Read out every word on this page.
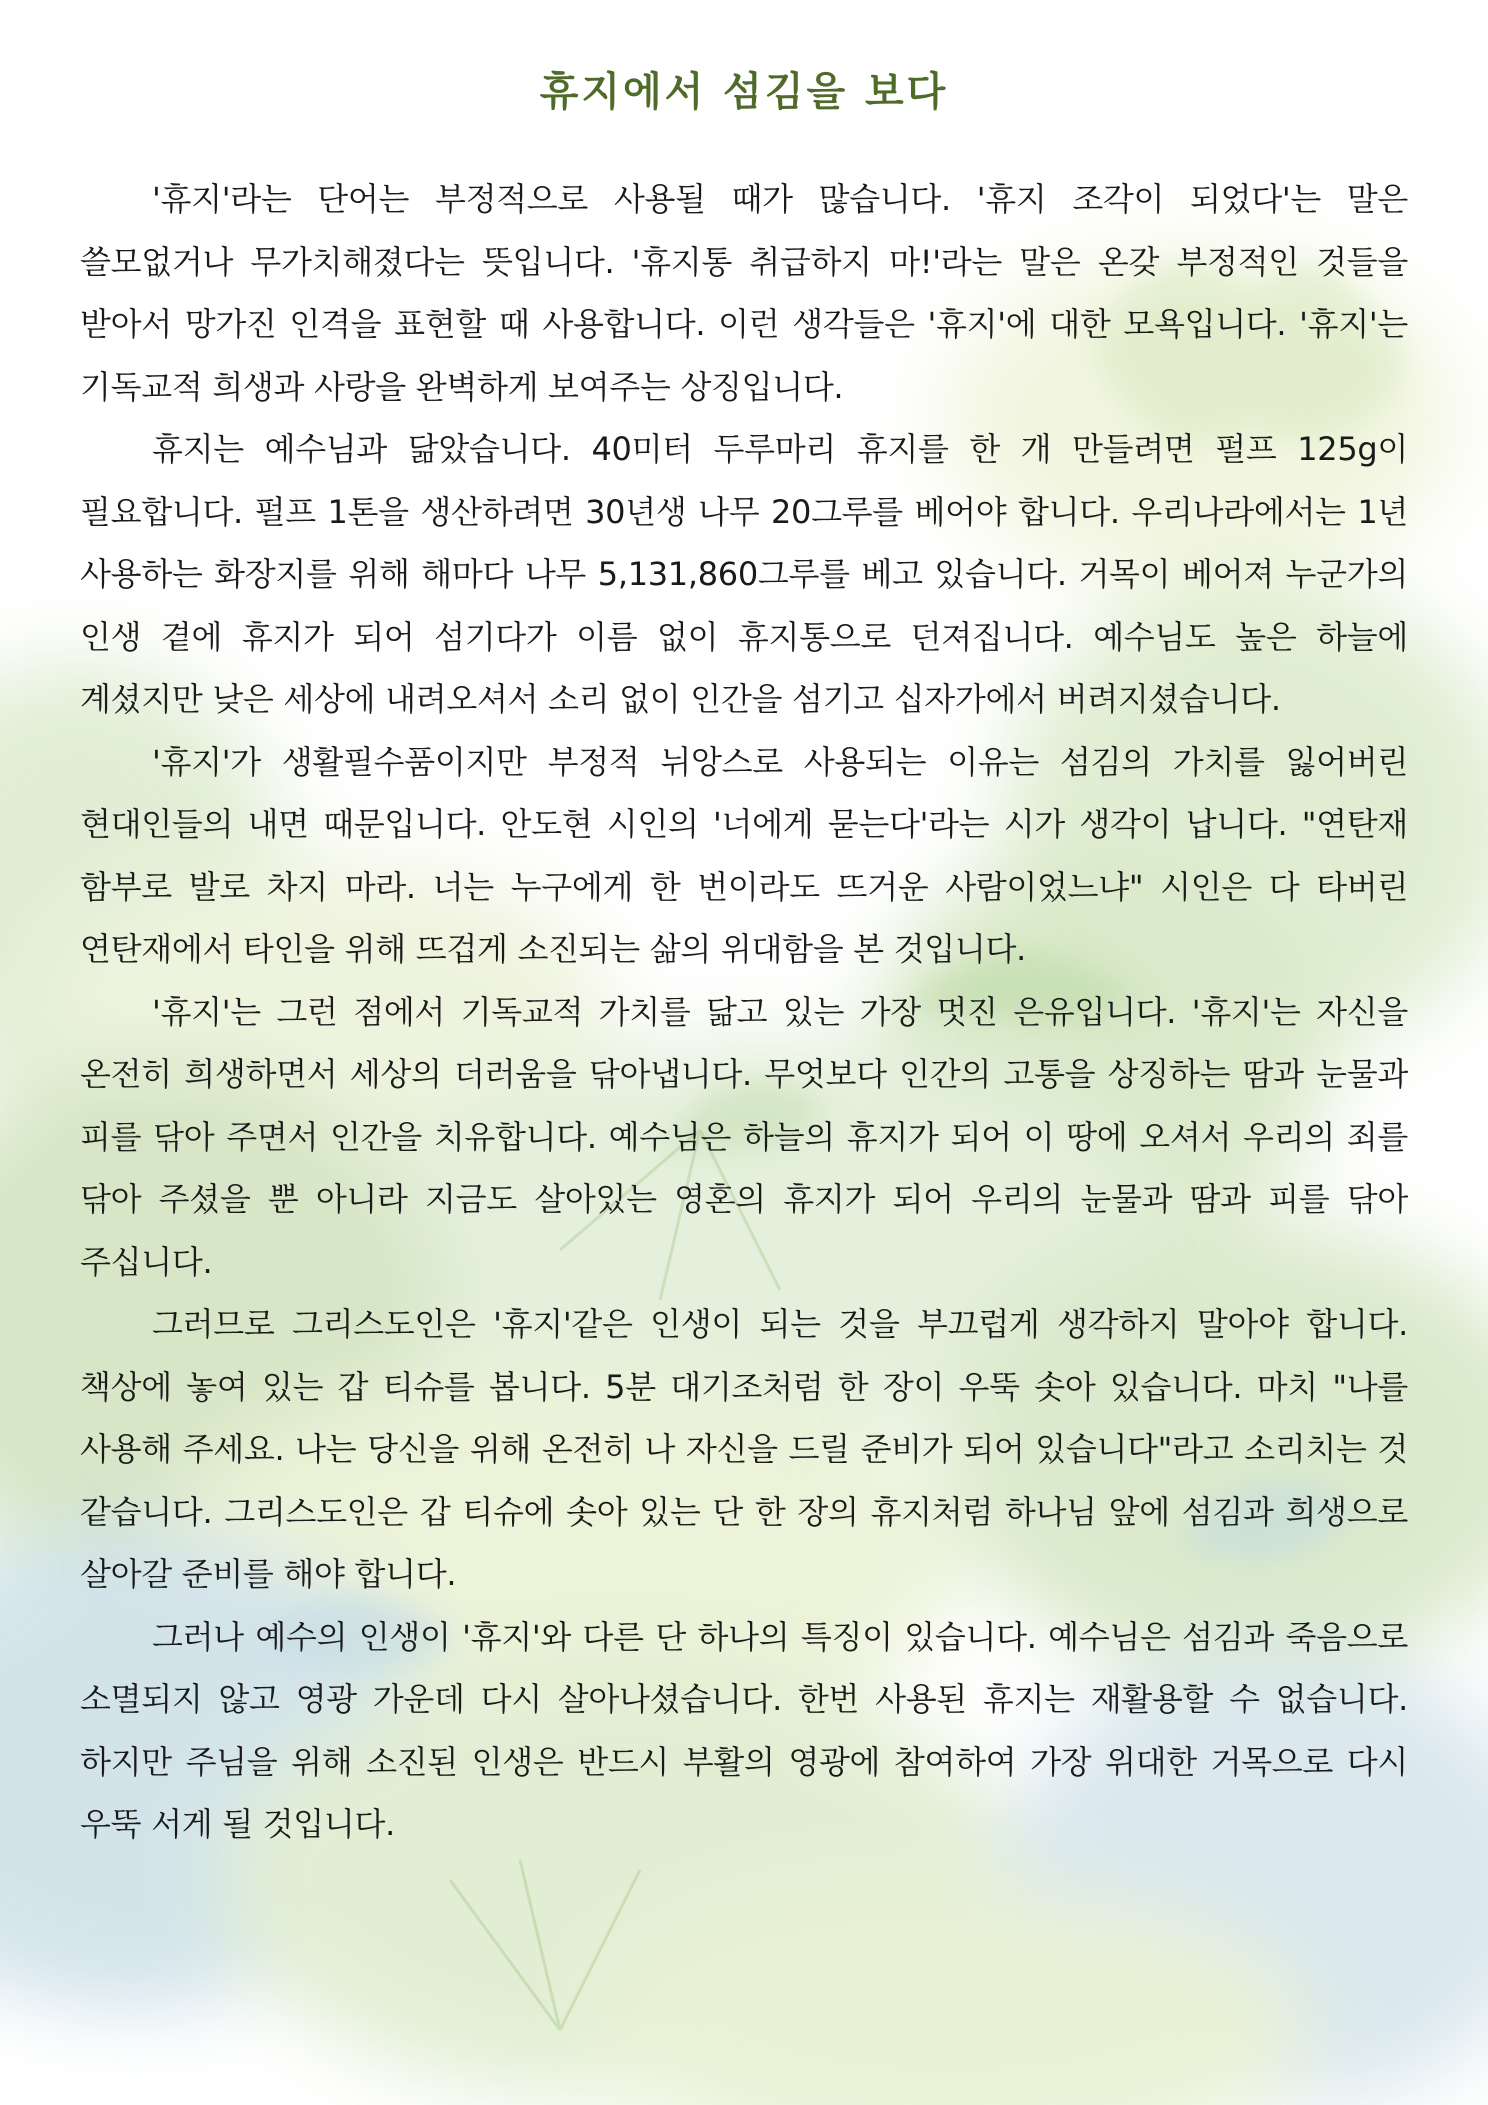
휴지에서 섬김을 보다

'휴지'라는 단어는 부정적으로 사용될 때가 많습니다. '휴지 조각이 되었다'는 말은 쓸모없거나 무가치해졌다는 뜻입니다. '휴지통 취급하지 마!'라는 말은 온갖 부정적인 것들을 받아서 망가진 인격을 표현할 때 사용합니다. 이런 생각들은 '휴지'에 대한 모욕입니다. '휴지'는 기독교적 희생과 사랑을 완벽하게 보여주는 상징입니다.

휴지는 예수님과 닮았습니다. 40미터 두루마리 휴지를 한 개 만들려면 펄프 125g이 필요합니다. 펄프 1톤을 생산하려면 30년생 나무 20그루를 베어야 합니다. 우리나라에서는 1년 사용하는 화장지를 위해 해마다 나무 5,131,860그루를 베고 있습니다. 거목이 베어져 누군가의 인생 곁에 휴지가 되어 섬기다가 이름 없이 휴지통으로 던져집니다. 예수님도 높은 하늘에 계셨지만 낮은 세상에 내려오셔서 소리 없이 인간을 섬기고 십자가에서 버려지셨습니다.

'휴지'가 생활필수품이지만 부정적 뉘앙스로 사용되는 이유는 섬김의 가치를 잃어버린 현대인들의 내면 때문입니다. 안도현 시인의 '너에게 묻는다'라는 시가 생각이 납니다. "연탄재 함부로 발로 차지 마라. 너는 누구에게 한 번이라도 뜨거운 사람이었느냐" 시인은 다 타버린 연탄재에서 타인을 위해 뜨겁게 소진되는 삶의 위대함을 본 것입니다.

'휴지'는 그런 점에서 기독교적 가치를 닮고 있는 가장 멋진 은유입니다. '휴지'는 자신을 온전히 희생하면서 세상의 더러움을 닦아냅니다. 무엇보다 인간의 고통을 상징하는 땀과 눈물과 피를 닦아 주면서 인간을 치유합니다. 예수님은 하늘의 휴지가 되어 이 땅에 오셔서 우리의 죄를 닦아 주셨을 뿐 아니라 지금도 살아있는 영혼의 휴지가 되어 우리의 눈물과 땀과 피를 닦아 주십니다.

그러므로 그리스도인은 '휴지'같은 인생이 되는 것을 부끄럽게 생각하지 말아야 합니다. 책상에 놓여 있는 갑 티슈를 봅니다. 5분 대기조처럼 한 장이 우뚝 솟아 있습니다. 마치 "나를 사용해 주세요. 나는 당신을 위해 온전히 나 자신을 드릴 준비가 되어 있습니다"라고 소리치는 것 같습니다. 그리스도인은 갑 티슈에 솟아 있는 단 한 장의 휴지처럼 하나님 앞에 섬김과 희생으로 살아갈 준비를 해야 합니다.

그러나 예수의 인생이 '휴지'와 다른 단 하나의 특징이 있습니다. 예수님은 섬김과 죽음으로 소멸되지 않고 영광 가운데 다시 살아나셨습니다. 한번 사용된 휴지는 재활용할 수 없습니다. 하지만 주님을 위해 소진된 인생은 반드시 부활의 영광에 참여하여 가장 위대한 거목으로 다시 우뚝 서게 될 것입니다.
